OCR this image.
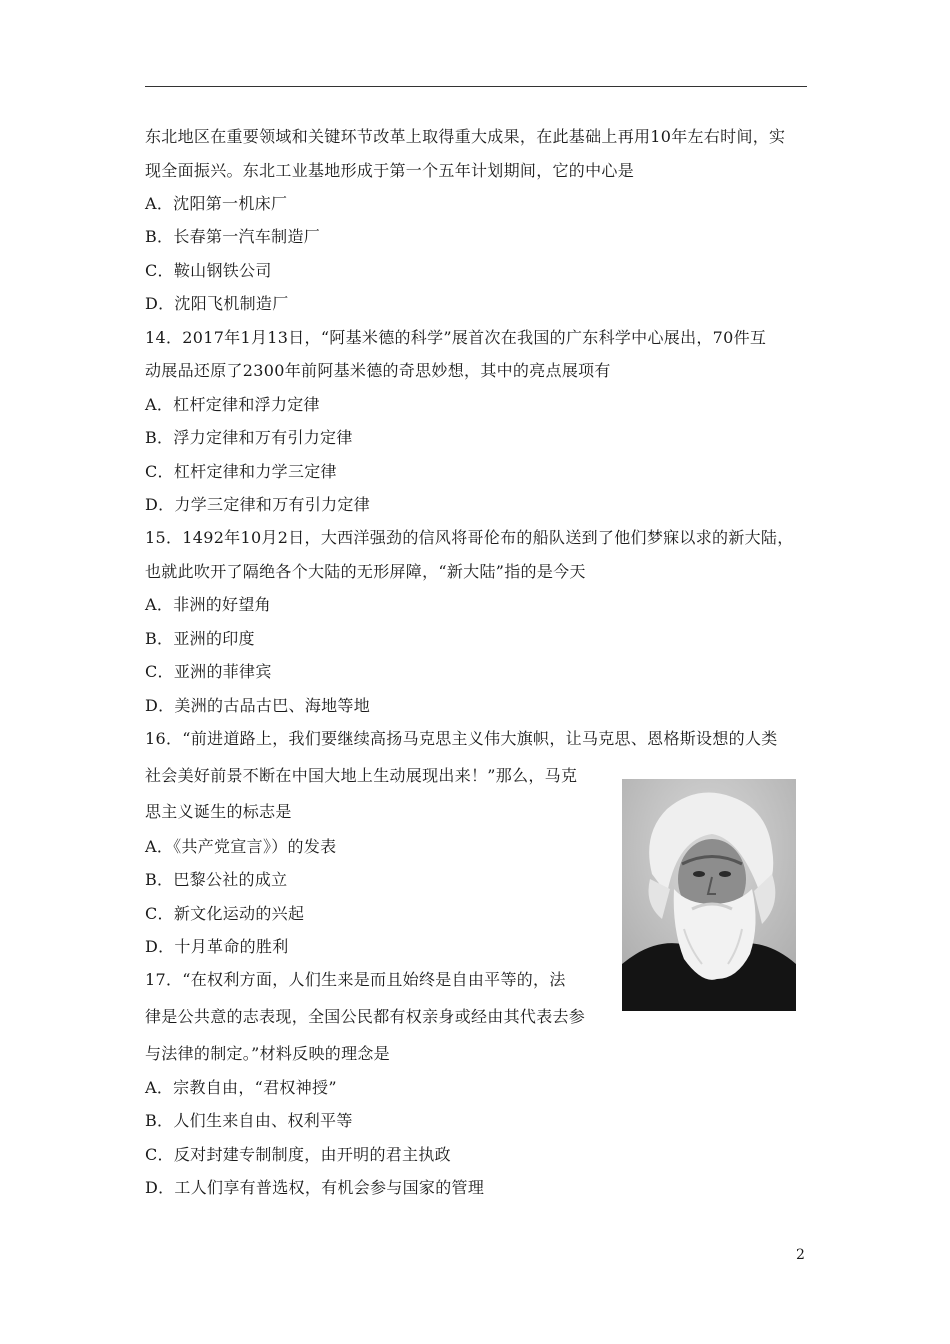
东北地区在重要领域和关键环节改革上取得重大成果，在此基础上再用10年左右时间，实
现全面振兴。东北工业基地形成于第一个五年计划期间，它的中心是
A．沈阳第一机床厂
B．长春第一汽车制造厂
C．鞍山钢铁公司
D．沈阳飞机制造厂
14．2017年1月13日，“阿基米德的科学”展首次在我国的广东科学中心展出，70件互
动展品还原了2300年前阿基米德的奇思妙想，其中的亮点展项有
A．杠杆定律和浮力定律
B．浮力定律和万有引力定律
C．杠杆定律和力学三定律
D．力学三定律和万有引力定律
15．1492年10月2日，大西洋强劲的信风将哥伦布的船队送到了他们梦寐以求的新大陆，
也就此吹开了隔绝各个大陆的无形屏障，“新大陆”指的是今天
A．非洲的好望角
B．亚洲的印度
C．亚洲的菲律宾
D．美洲的古品古巴、海地等地
16．“前进道路上，我们要继续高扬马克思主义伟大旗帜，让马克思、恩格斯设想的人类
社会美好前景不断在中国大地上生动展现出来！”那么，马克
思主义诞生的标志是
A．《共产党宣言》）的发表
B．巴黎公社的成立
C．新文化运动的兴起
D．十月革命的胜利
17．“在权利方面，人们生来是而且始终是自由平等的，法
律是公共意的志表现，全国公民都有权亲身或经由其代表去参
与法律的制定。”材料反映的理念是
A．宗教自由，“君权神授”
B．人们生来自由、权利平等
C．反对封建专制制度，由开明的君主执政
D．工人们享有普选权，有机会参与国家的管理
2
